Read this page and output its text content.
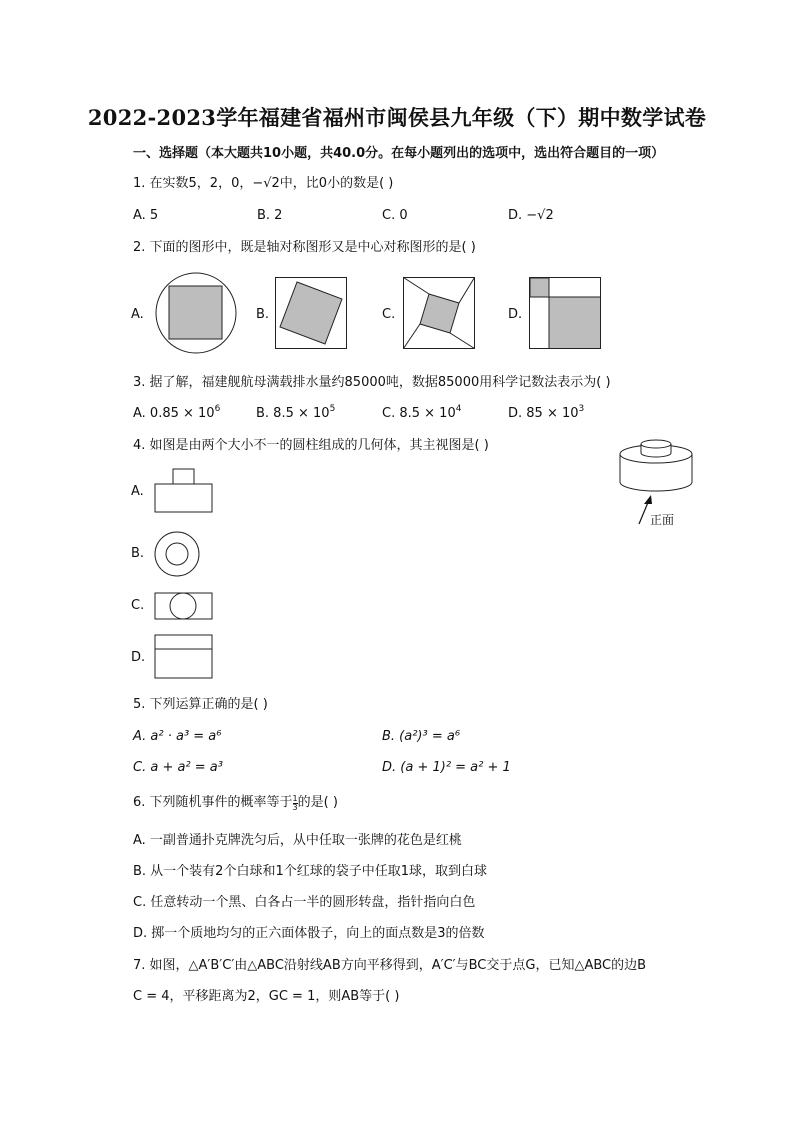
2022-2023学年福建省福州市闽侯县九年级（下）期中数学试卷
一、选择题（本大题共10小题，共40.0分。在每小题列出的选项中，选出符合题目的一项）
1. 在实数5，2，0，−√2中，比0小的数是( )
A. 5	B. 2	C. 0	D. −√2
2. 下面的图形中，既是轴对称图形又是中心对称图形的是( )
A.	B.	C.	D.
3. 据了解，福建舰航母满载排水量约85000吨，数据85000用科学记数法表示为( )
A. $0.85 \times 10^6$	B. $8.5 \times 10^5$	C. $8.5 \times 10^4$	D. $85 \times 10^3$
4. 如图是由两个大小不一的圆柱组成的几何体，其主视图是( )
正面
A.
B.
C.
D.
5. 下列运算正确的是( )
A. a² · a³ = a⁶	B. (a²)³ = a⁶
C. a + a² = a³	D. (a + 1)² = a² + 1
6. 下列随机事件的概率等于 $\frac{1}{3}$ 的是( )
A. 一副普通扑克牌洗匀后，从中任取一张牌的花色是红桃
B. 从一个装有2个白球和1个红球的袋子中任取1球，取到白球
C. 任意转动一个黑、白各占一半的圆形转盘，指针指向白色
D. 掷一个质地均匀的正六面体骰子，向上的面点数是3的倍数
7. 如图，△A′B′C′由△ABC沿射线AB方向平移得到，A′C′与BC交于点G，已知△ABC的边B
C = 4，平移距离为2，GC = 1，则AB等于( )
